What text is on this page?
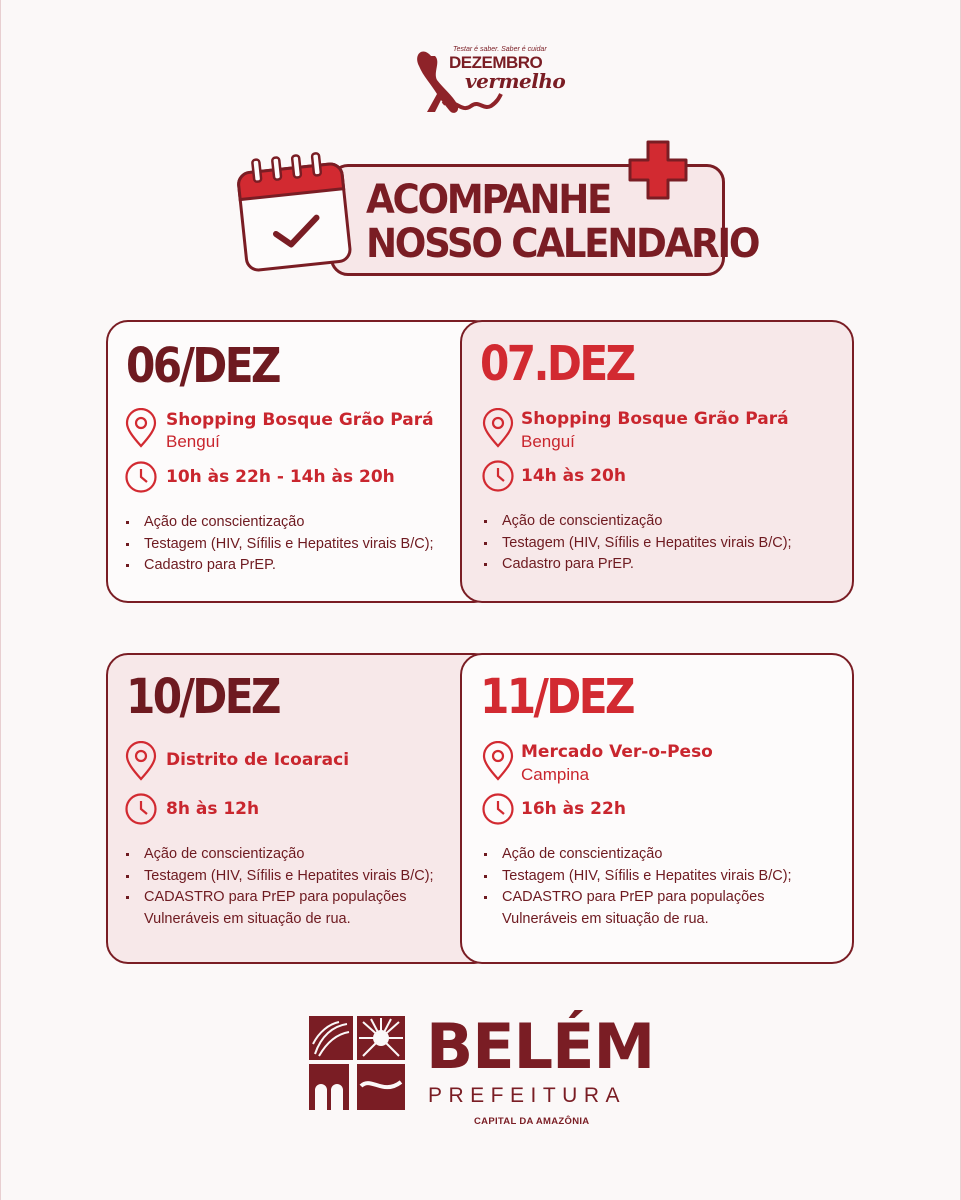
Testar é saber. Saber é cuidar
DEZEMBRO
vermelho
ACOMPANHE
NOSSO CALENDARIO
06/DEZ
Shopping Bosque Grão Pará
Benguí
10h às 22h - 14h às 20h
Ação de conscientização
Testagem (HIV, Sífilis e Hepatites virais B/C);
Cadastro para PrEP.
07.DEZ
Shopping Bosque Grão Pará
Benguí
14h às 20h
Ação de conscientização
Testagem (HIV, Sífilis e Hepatites virais B/C);
Cadastro para PrEP.
10/DEZ
Distrito de Icoaraci
8h às 12h
Ação de conscientização
Testagem (HIV, Sífilis e Hepatites virais B/C);
CADASTRO para PrEP para populações
Vulneráveis em situação de rua.
11/DEZ
Mercado Ver-o-Peso
Campina
16h às 22h
Ação de conscientização
Testagem (HIV, Sífilis e Hepatites virais B/C);
CADASTRO para PrEP para populações
Vulneráveis em situação de rua.
BELÉM
PREFEITURA
CAPITAL DA AMAZÔNIA
